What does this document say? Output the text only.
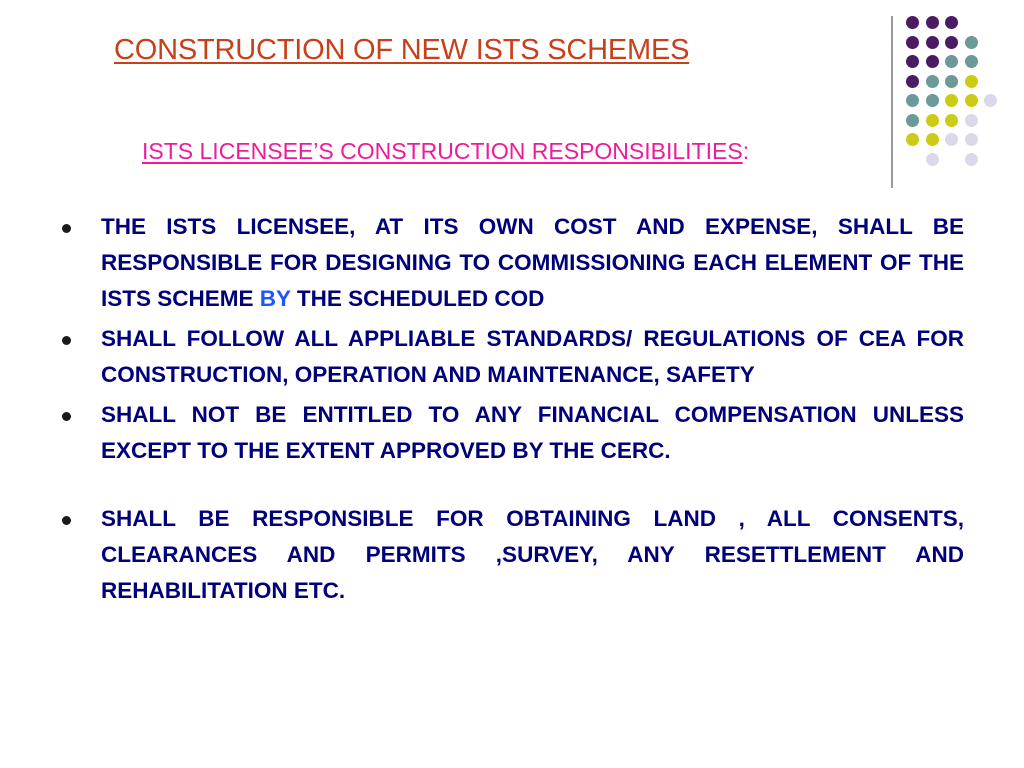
CONSTRUCTION OF NEW ISTS SCHEMES
ISTS LICENSEE’S CONSTRUCTION RESPONSIBILITIES:
THE ISTS LICENSEE, AT ITS OWN COST AND EXPENSE, SHALL BE RESPONSIBLE FOR DESIGNING TO COMMISSIONING EACH ELEMENT OF THE ISTS SCHEME BY THE SCHEDULED COD
SHALL FOLLOW ALL APPLIABLE STANDARDS/ REGULATIONS OF CEA FOR CONSTRUCTION, OPERATION AND MAINTENANCE, SAFETY
SHALL NOT BE ENTITLED TO ANY FINANCIAL COMPENSATION UNLESS EXCEPT TO THE EXTENT APPROVED BY THE CERC.
SHALL BE RESPONSIBLE FOR OBTAINING LAND , ALL CONSENTS, CLEARANCES AND PERMITS ,SURVEY, ANY RESETTLEMENT AND REHABILITATION ETC.
